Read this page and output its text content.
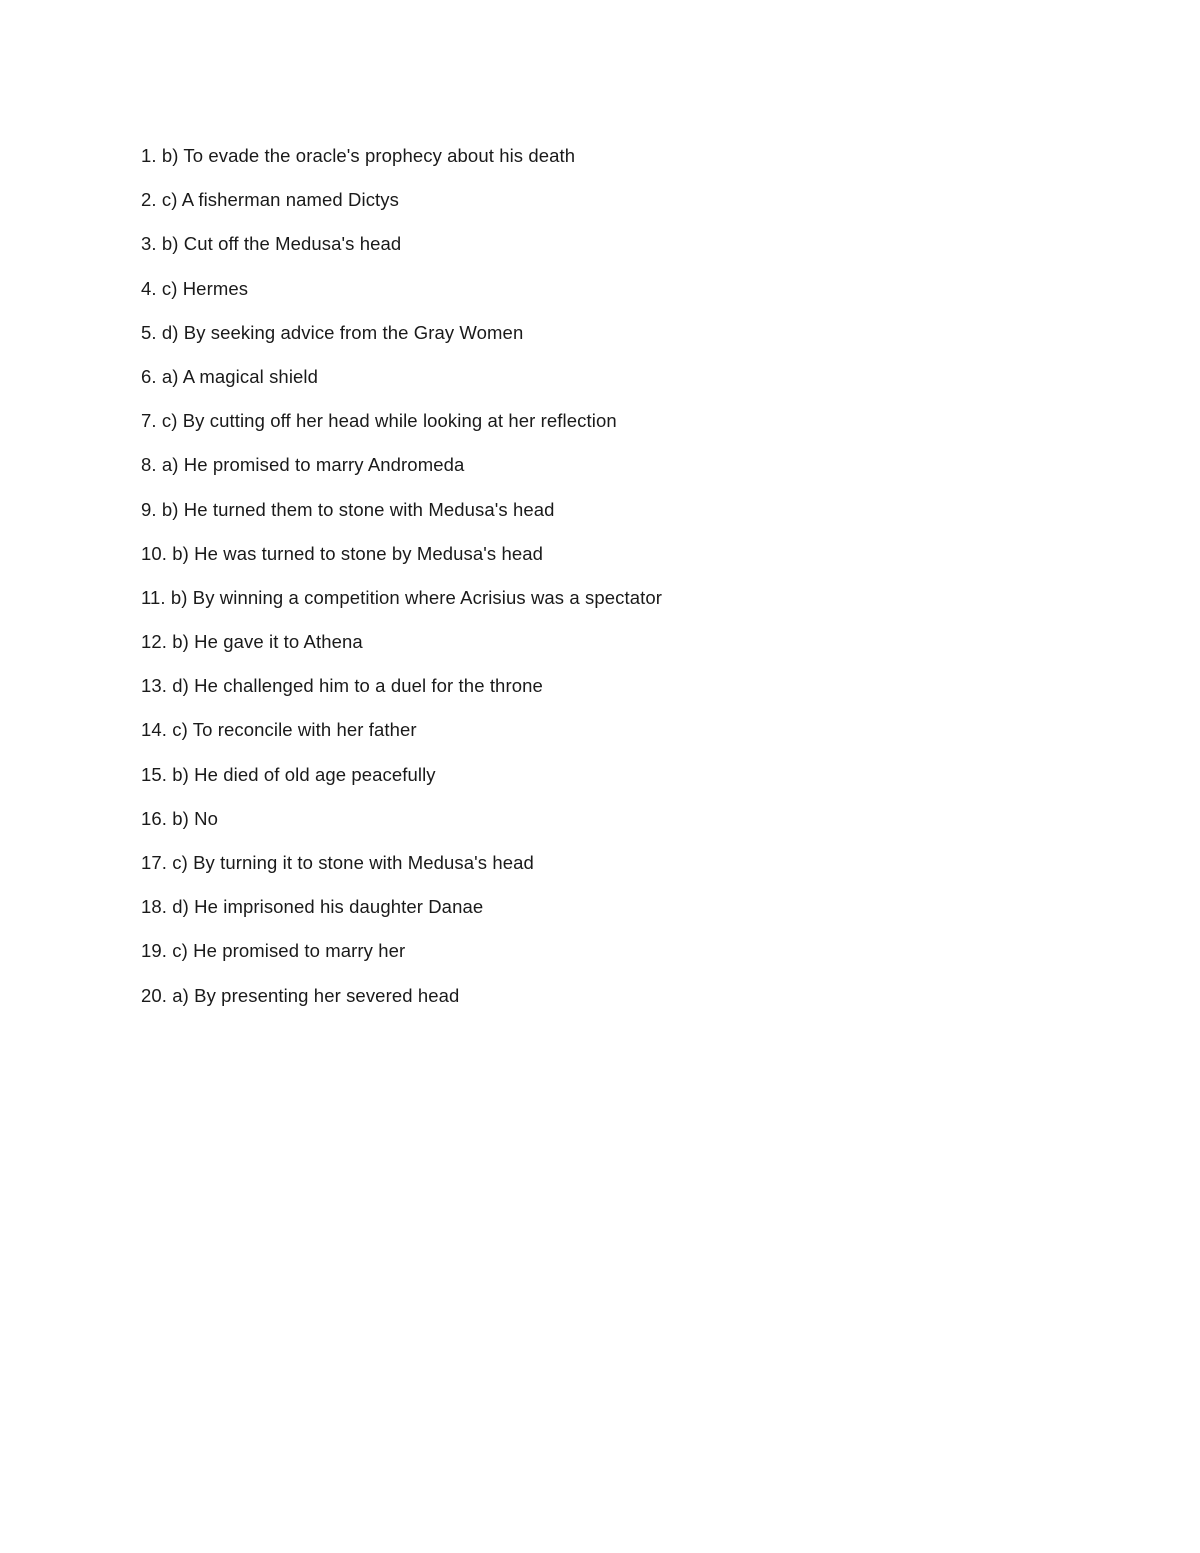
1. b) To evade the oracle's prophecy about his death
2. c) A fisherman named Dictys
3. b) Cut off the Medusa's head
4. c) Hermes
5. d) By seeking advice from the Gray Women
6. a) A magical shield
7. c) By cutting off her head while looking at her reflection
8. a) He promised to marry Andromeda
9. b) He turned them to stone with Medusa's head
10. b) He was turned to stone by Medusa's head
11. b) By winning a competition where Acrisius was a spectator
12. b) He gave it to Athena
13. d) He challenged him to a duel for the throne
14. c) To reconcile with her father
15. b) He died of old age peacefully
16. b) No
17. c) By turning it to stone with Medusa's head
18. d) He imprisoned his daughter Danae
19. c) He promised to marry her
20. a) By presenting her severed head
